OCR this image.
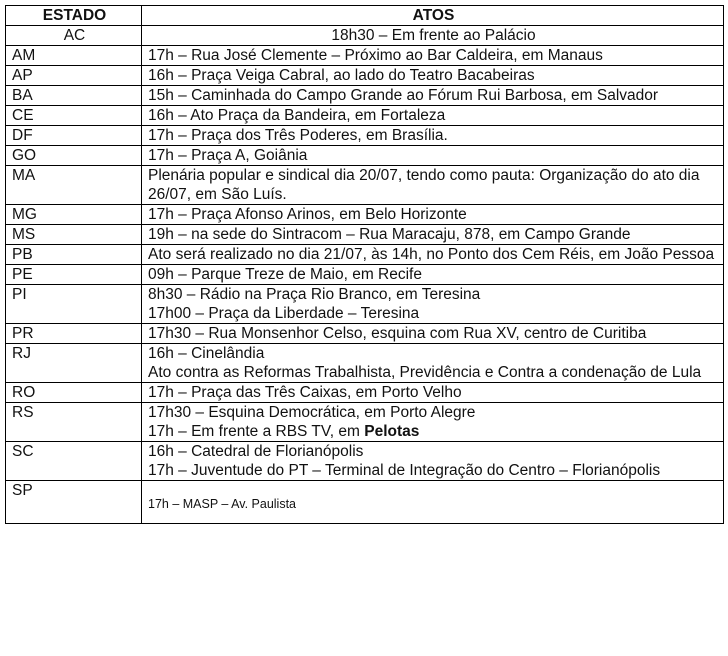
ESTADO	ATOS
AC	18h30 – Em frente ao Palácio

AM	17h – Rua José Clemente – Próximo ao Bar Caldeira, em Manaus

AP	16h – Praça Veiga Cabral, ao lado do Teatro Bacabeiras

BA	15h – Caminhada do Campo Grande ao Fórum Rui Barbosa, em Salvador

CE	16h – Ato Praça da Bandeira, em Fortaleza

DF	17h – Praça dos Três Poderes, em Brasília.

GO	17h – Praça A, Goiânia

MA	Plenária popular e sindical dia 20/07, tendo como pauta: Organização do ato dia 26/07, em São Luís.

MG	17h – Praça Afonso Arinos, em Belo Horizonte

MS	19h – na sede do Sintracom – Rua Maracaju, 878, em Campo Grande

PB	Ato será realizado no dia 21/07, às 14h, no Ponto dos Cem Réis, em João Pessoa

PE	09h – Parque Treze de Maio, em Recife

PI	8h30 – Rádio na Praça Rio Branco, em Teresina
17h00 – Praça da Liberdade – Teresina

PR	17h30 – Rua Monsenhor Celso, esquina com Rua XV, centro de Curitiba

RJ	16h – Cinelândia
Ato contra as Reformas Trabalhista, Previdência e Contra a condenação de Lula

RO	17h – Praça das Três Caixas, em Porto Velho

RS	17h30 – Esquina Democrática, em Porto Alegre
17h – Em frente a RBS TV, em Pelotas

SC	16h – Catedral de Florianópolis
17h – Juventude do PT – Terminal de Integração do Centro – Florianópolis

SP	17h – MASP – Av. Paulista
